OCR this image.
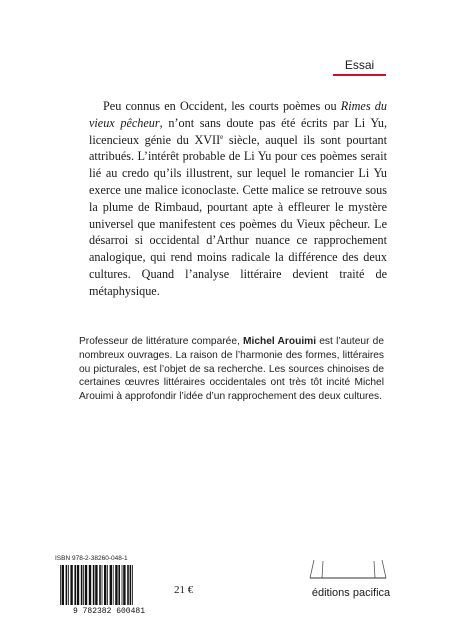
Essai

Peu connus en Occident, les courts poèmes ou Rimes du vieux pêcheur, n’ont sans doute pas été écrits par Li Yu, licencieux génie du XVIIe siècle, auquel ils sont pourtant attribués. L’intérêt probable de Li Yu pour ces poèmes serait lié au credo qu’ils illustrent, sur lequel le romancier Li Yu exerce une malice iconoclaste. Cette malice se retrouve sous la plume de Rimbaud, pourtant apte à effleurer le mystère universel que manifestent ces poèmes du Vieux pêcheur. Le désarroi si occidental d’Arthur nuance ce rapprochement analogique, qui rend moins radicale la différence des deux cultures. Quand l’analyse littéraire devient traité de métaphysique.

Professeur de littérature comparée, Michel Arouimi est l’auteur de nombreux ouvrages. La raison de l’harmonie des formes, littéraires ou picturales, est l’objet de sa recherche. Les sources chinoises de certaines œuvres littéraires occidentales ont très tôt incité Michel Arouimi à approfondir l’idée d’un rapprochement des deux cultures.

ISBN 978-2-38260-048-1
9 782382 600481
21 €	éditions pacifica
